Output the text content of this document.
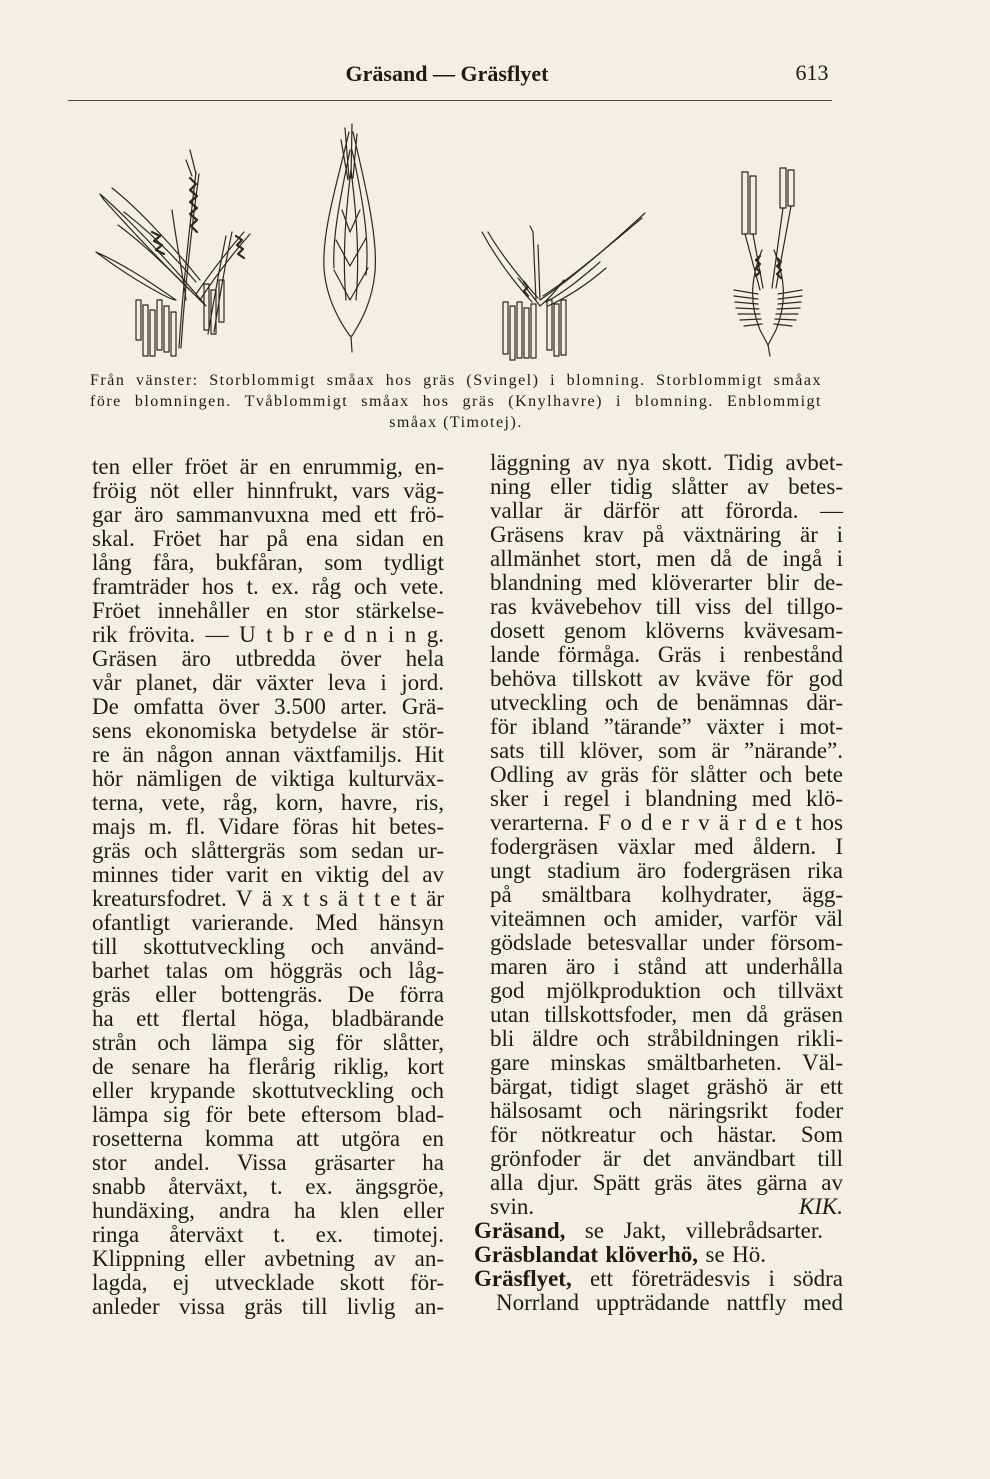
Gräsand — Gräsflyet	613
Från vänster: Storblommigt småax hos gräs (Svingel) i blomning. Storblommigt småax
före blomningen. Tvåblommigt småax hos gräs (Knylhavre) i blomning. Enblommigt
småax (Timotej).
ten eller fröet är en enrummig, en-
fröig nöt eller hinnfrukt, vars väg-
gar äro sammanvuxna med ett frö-
skal. Fröet har på ena sidan en
lång fåra, bukfåran, som tydligt
framträder hos t. ex. råg och vete.
Fröet innehåller en stor stärkelse-
rik frövita. — U t b r e d n i n g.
Gräsen äro utbredda över hela
vår planet, där växter leva i jord.
De omfatta över 3.500 arter. Grä-
sens ekonomiska betydelse är stör-
re än någon annan växtfamiljs. Hit
hör nämligen de viktiga kulturväx-
terna, vete, råg, korn, havre, ris,
majs m. fl. Vidare föras hit betes-
gräs och slåttergräs som sedan ur-
minnes tider varit en viktig del av
kreatursfodret. V ä x t s ä t t e t är
ofantligt varierande. Med hänsyn
till skottutveckling och använd-
barhet talas om höggräs och låg-
gräs eller bottengräs. De förra
ha ett flertal höga, bladbärande
strån och lämpa sig för slåtter,
de senare ha flerårig riklig, kort
eller krypande skottutveckling och
lämpa sig för bete eftersom blad-
rosetterna komma att utgöra en
stor andel. Vissa gräsarter ha
snabb återväxt, t. ex. ängsgröe,
hundäxing, andra ha klen eller
ringa återväxt t. ex. timotej.
Klippning eller avbetning av an-
lagda, ej utvecklade skott för-
anleder vissa gräs till livlig an-
läggning av nya skott. Tidig avbet-
ning eller tidig slåtter av betes-
vallar är därför att förorda. —
Gräsens krav på växtnäring är i
allmänhet stort, men då de ingå i
blandning med klöverarter blir de-
ras kvävebehov till viss del tillgo-
dosett genom klöverns kvävesam-
lande förmåga. Gräs i renbestånd
behöva tillskott av kväve för god
utveckling och de benämnas där-
för ibland ”tärande” växter i mot-
sats till klöver, som är ”närande”.
Odling av gräs för slåtter och bete
sker i regel i blandning med klö-
verarterna. F o d e r v ä r d e t hos
fodergräsen växlar med åldern. I
ungt stadium äro fodergräsen rika
på smältbara kolhydrater, ägg-
viteämnen och amider, varför väl
gödslade betesvallar under försom-
maren äro i stånd att underhålla
god mjölkproduktion och tillväxt
utan tillskottsfoder, men då gräsen
bli äldre och stråbildningen rikli-
gare minskas smältbarheten. Väl-
bärgat, tidigt slaget gräshö är ett
hälsosamt och näringsrikt foder
för nötkreatur och hästar. Som
grönfoder är det användbart till
alla djur. Spätt gräs ätes gärna av
svin.	KIK.
Gräsand, se Jakt, villebrådsarter.
Gräsblandat klöverhö, se Hö.
Gräsflyet, ett företrädesvis i södra
Norrland uppträdande nattfly med
